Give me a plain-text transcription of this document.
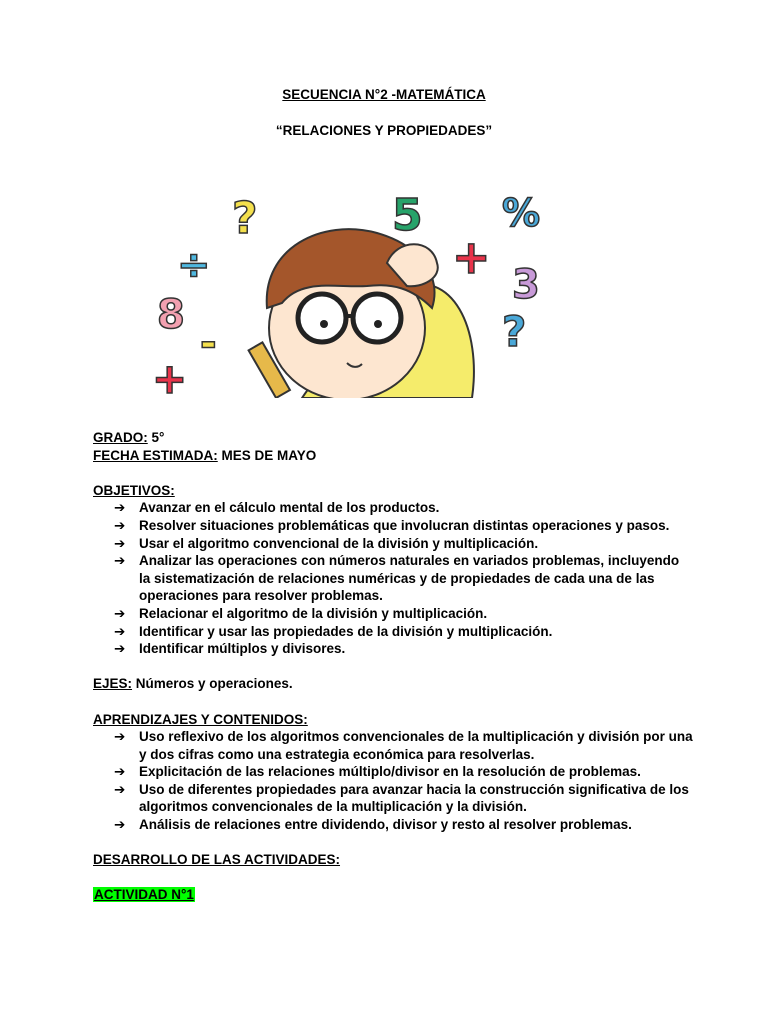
SECUENCIA N°2 -MATEMÁTICA
“RELACIONES Y PROPIEDADES”
?	5 %
÷	+
3
8	?
-
+
GRADO: 5°
FECHA ESTIMADA: MES DE MAYO
OBJETIVOS:
➔ Avanzar en el cálculo mental de los productos.
➔ Resolver situaciones problemáticas que involucran distintas operaciones y pasos.
➔ Usar el algoritmo convencional de la división y multiplicación.
➔ Analizar las operaciones con números naturales en variados problemas, incluyendo la sistematización de relaciones numéricas y de propiedades de cada una de las operaciones para resolver problemas.
➔ Relacionar el algoritmo de la división y multiplicación.
➔ Identificar y usar las propiedades de la división y multiplicación.
➔ Identificar múltiplos y divisores.
EJES: Números y operaciones.
APRENDIZAJES Y CONTENIDOS:
➔ Uso reflexivo de los algoritmos convencionales de la multiplicación y división por una y dos cifras como una estrategia económica para resolverlas.
➔ Explicitación de las relaciones múltiplo/divisor en la resolución de problemas.
➔ Uso de diferentes propiedades para avanzar hacia la construcción significativa de los algoritmos convencionales de la multiplicación y la división.
➔ Análisis de relaciones entre dividendo, divisor y resto al resolver problemas.
DESARROLLO DE LAS ACTIVIDADES:
ACTIVIDAD N°1
